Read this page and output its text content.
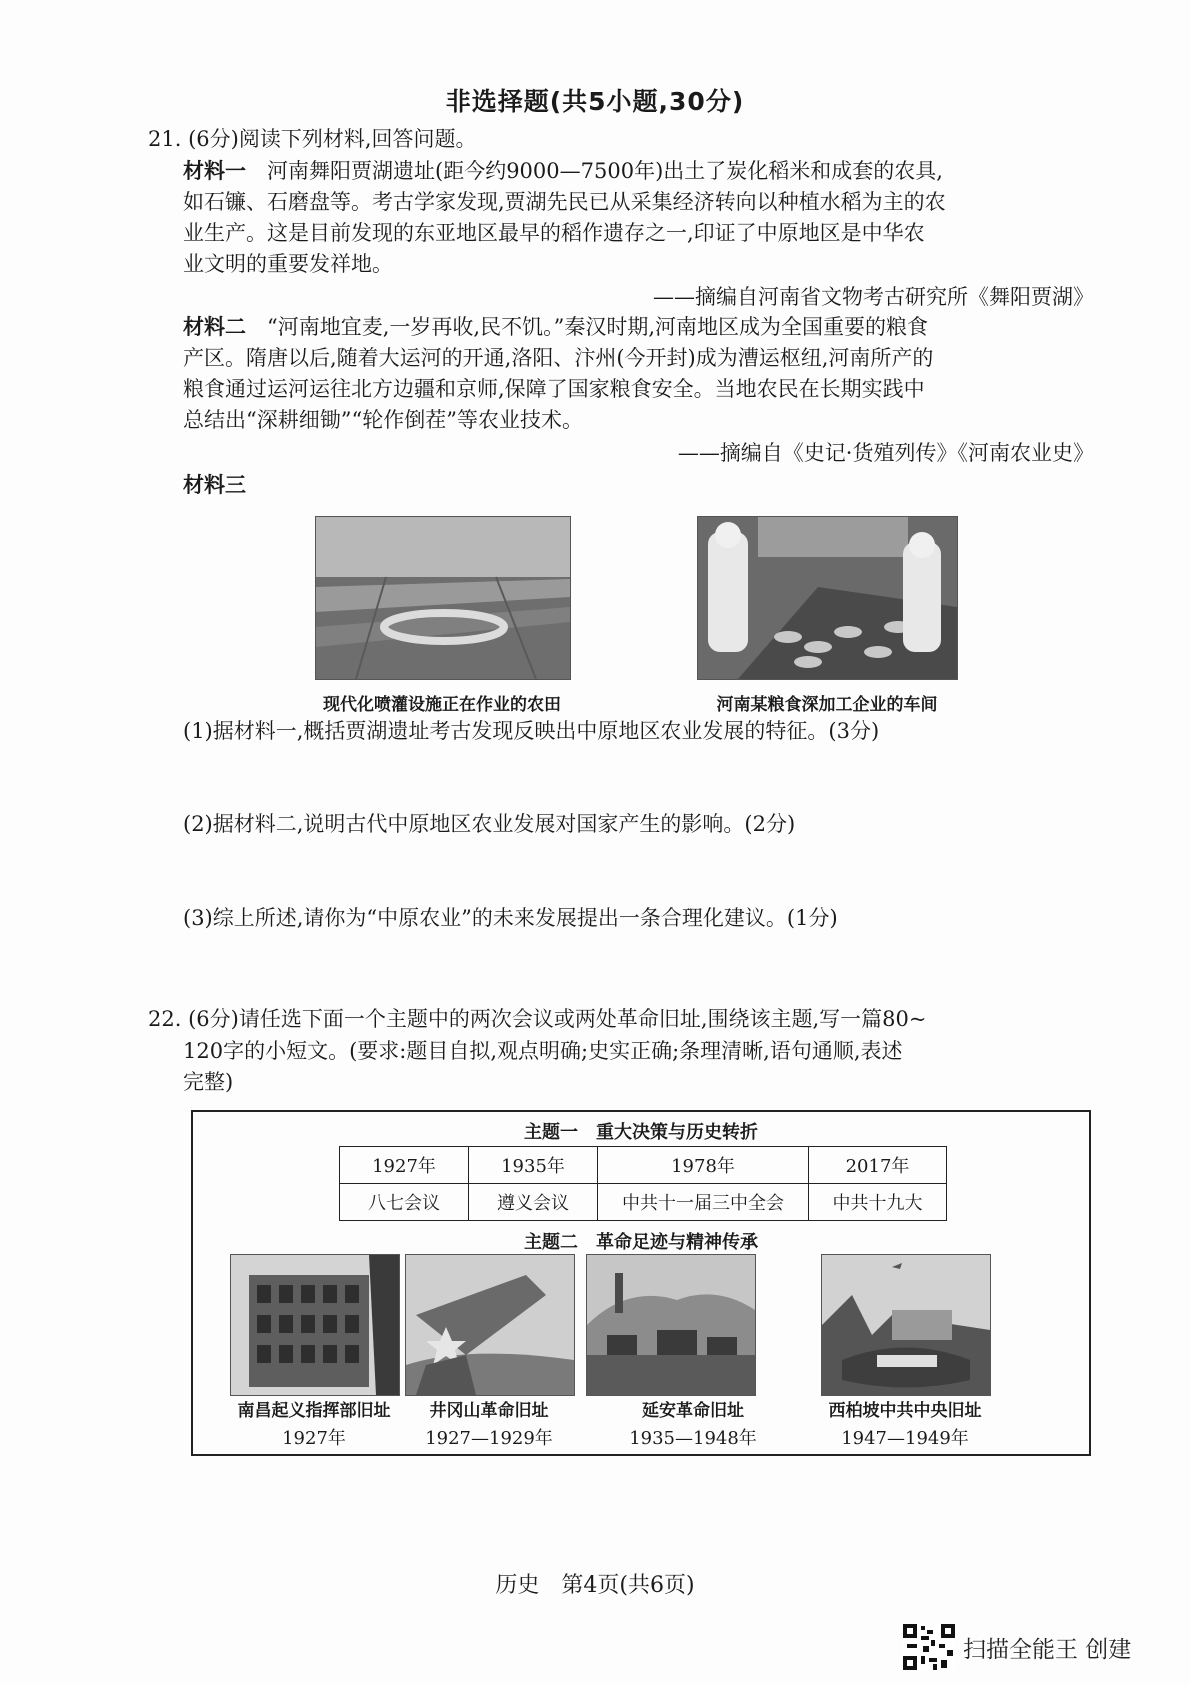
非选择题(共5小题,30分)
21. (6分)阅读下列材料,回答问题。
材料一　 河南舞阳贾湖遗址(距今约9000—7500年)出土了炭化稻米和成套的农具,
如石镰、石磨盘等。考古学家发现,贾湖先民已从采集经济转向以种植水稻为主的农
业生产。这是目前发现的东亚地区最早的稻作遗存之一,印证了中原地区是中华农
业文明的重要发祥地。
——摘编自河南省文物考古研究所《舞阳贾湖》
材料二　 “河南地宜麦,一岁再收,民不饥。”秦汉时期,河南地区成为全国重要的粮食
产区。隋唐以后,随着大运河的开通,洛阳、汴州(今开封)成为漕运枢纽,河南所产的
粮食通过运河运往北方边疆和京师,保障了国家粮食安全。当地农民在长期实践中
总结出“深耕细锄”“轮作倒茬”等农业技术。
——摘编自《史记·货殖列传》《河南农业史》
材料三
现代化喷灌设施正在作业的农田	河南某粮食深加工企业的车间
(1)据材料一,概括贾湖遗址考古发现反映出中原地区农业发展的特征。(3分)
(2)据材料二,说明古代中原地区农业发展对国家产生的影响。(2分)
(3)综上所述,请你为“中原农业”的未来发展提出一条合理化建议。(1分)
22. (6分)请任选下面一个主题中的两次会议或两处革命旧址,围绕该主题,写一篇80~
120字的小短文。(要求:题目自拟,观点明确;史实正确;条理清晰,语句通顺,表述
完整)
主题一　重大决策与历史转折
1927年	1935年	1978年	2017年
八七会议	遵义会议	中共十一届三中全会	中共十九大
主题二　革命足迹与精神传承
南昌起义指挥部旧址
1927年
井冈山革命旧址
1927—1929年
延安革命旧址
1935—1948年
西柏坡中共中央旧址
1947—1949年
历史　第4页(共6页)
扫描全能王 创建
